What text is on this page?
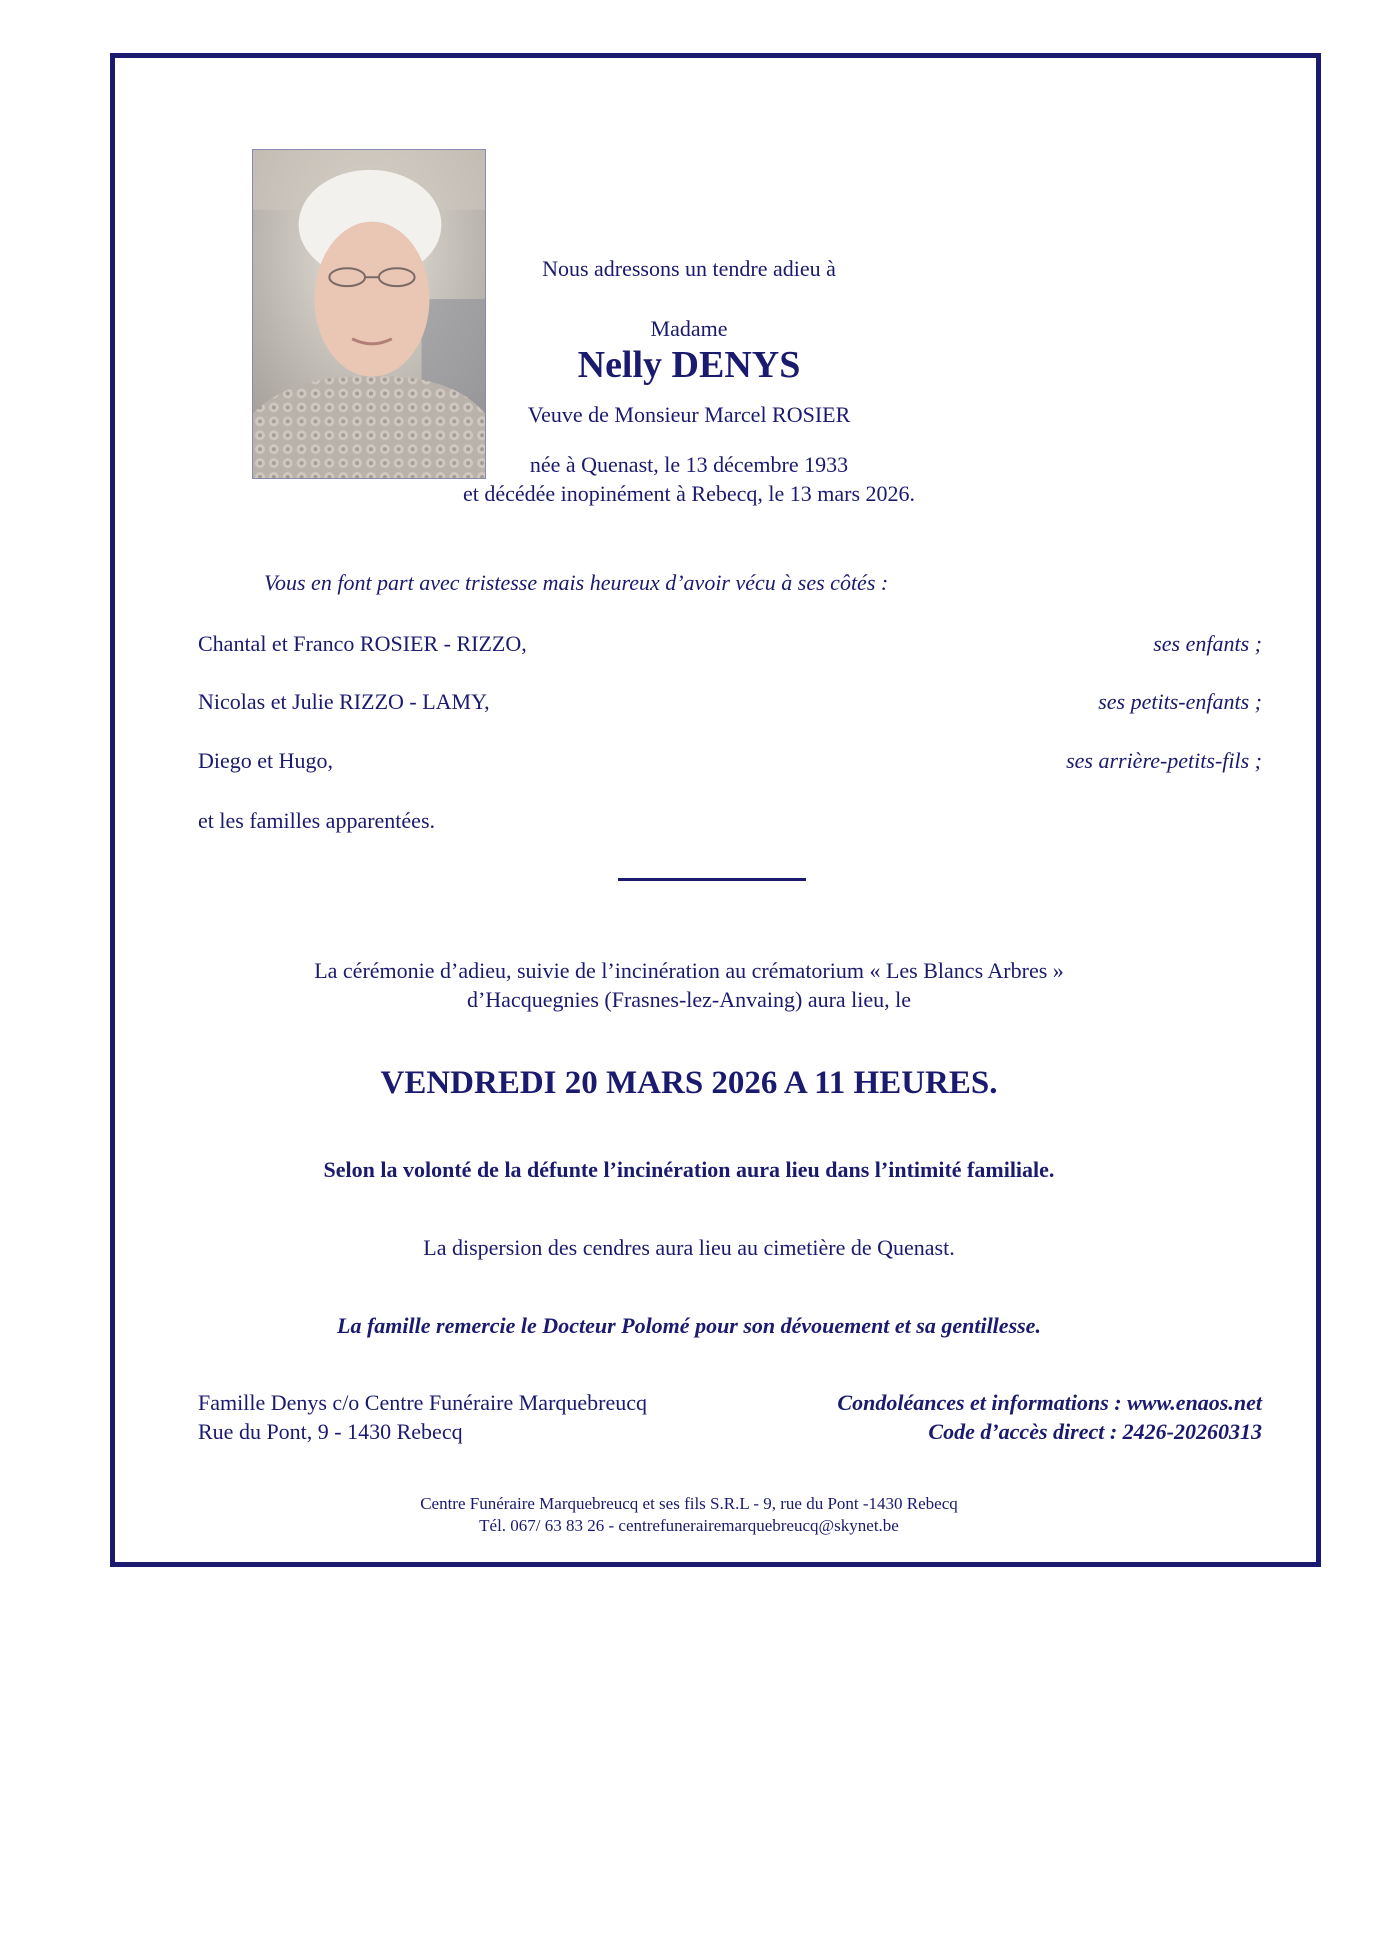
Nous adressons un tendre adieu à
Madame
Nelly DENYS
Veuve de Monsieur Marcel ROSIER
née à Quenast, le 13 décembre 1933
et décédée inopinément à Rebecq, le 13 mars 2026.
Vous en font part avec tristesse mais heureux d’avoir vécu à ses côtés :
Chantal et Franco ROSIER - RIZZO,	ses enfants ;
Nicolas et Julie RIZZO - LAMY,	ses petits-enfants ;
Diego et Hugo,	ses arrière-petits-fils ;
et les familles apparentées.
La cérémonie d’adieu, suivie de l’incinération au crématorium « Les Blancs Arbres »
d’Hacquegnies (Frasnes-lez-Anvaing) aura lieu, le
VENDREDI 20 MARS 2026 A 11 HEURES.
Selon la volonté de la défunte l’incinération aura lieu dans l’intimité familiale.
La dispersion des cendres aura lieu au cimetière de Quenast.
La famille remercie le Docteur Polomé pour son dévouement et sa gentillesse.
Famille Denys c/o Centre Funéraire Marquebreucq
Rue du Pont, 9 - 1430 Rebecq
Condoléances et informations : www.enaos.net
Code d’accès direct : 2426-20260313
Centre Funéraire Marquebreucq et ses fils S.R.L - 9, rue du Pont -1430 Rebecq
Tél. 067/ 63 83 26 - centrefunerairemarquebreucq@skynet.be
